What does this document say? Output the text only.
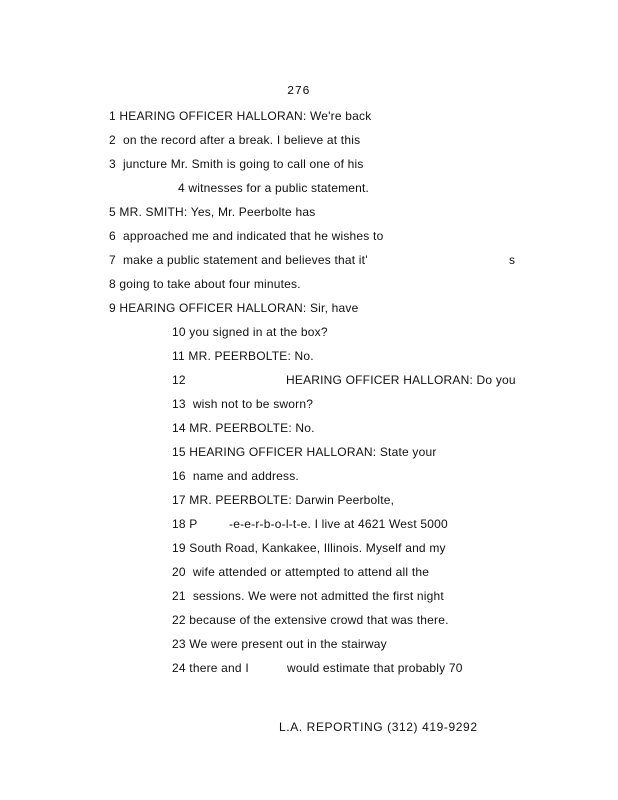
276
1 HEARING OFFICER HALLORAN: We're back
2  on the record after a break. I believe at this
3  juncture Mr. Smith is going to call one of his
4 witnesses for a public statement.
5 MR. SMITH: Yes, Mr. Peerbolte has
6  approached me and indicated that he wishes to
7  make a public statement and believes that it'	s
8 going to take about four minutes.
9 HEARING OFFICER HALLORAN: Sir, have
10 you signed in at the box?
11 MR. PEERBOLTE: No.
12	HEARING OFFICER HALLORAN: Do you
13  wish not to be sworn?
14 MR. PEERBOLTE: No.
15 HEARING OFFICER HALLORAN: State your
16  name and address.
17 MR. PEERBOLTE: Darwin Peerbolte,
18 P	-e-e-r-b-o-l-t-e. I live at 4621 West 5000
19 South Road, Kankakee, Illinois. Myself and my
20  wife attended or attempted to attend all the
21  sessions. We were not admitted the first night
22 because of the extensive crowd that was there.
23 We were present out in the stairway
24 there and I	would estimate that probably 70
L.A. REPORTING (312) 419-9292
